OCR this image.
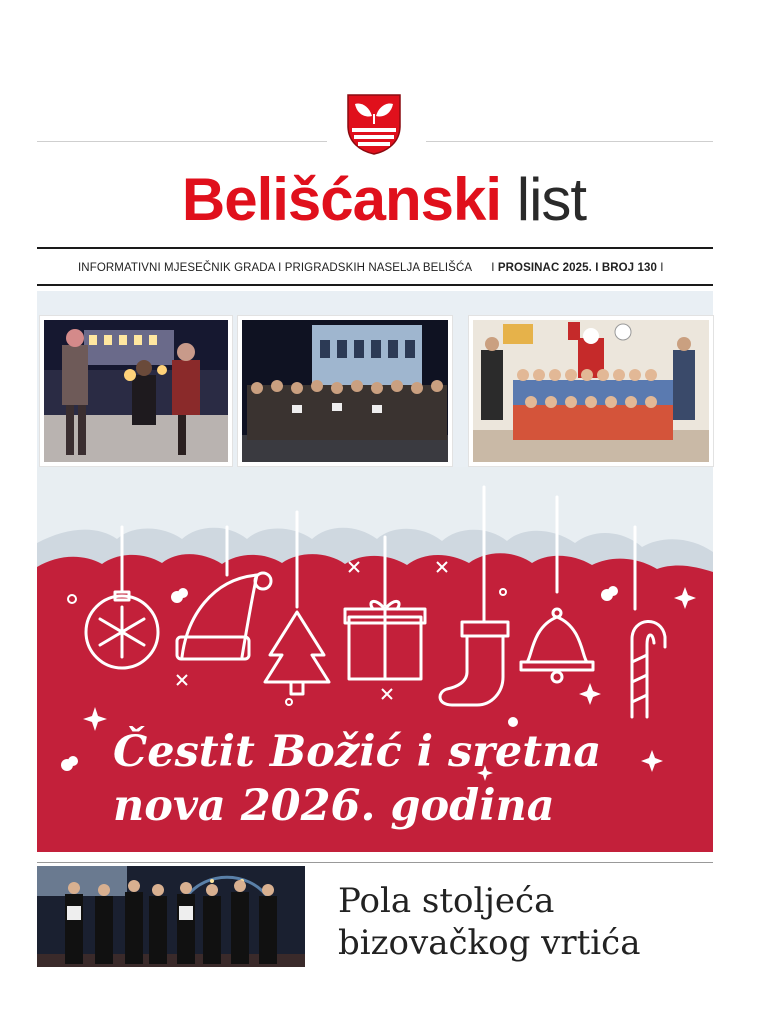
Belišćanski list
INFORMATIVNI MJESEČNIK GRADA I PRIGRADSKIH NASELJA BELIŠĆA I PROSINAC 2025. I BROJ 130 I
Čestit Božić i sretna
nova 2026. godina
Pola stoljeća
bizovačkog vrtića
